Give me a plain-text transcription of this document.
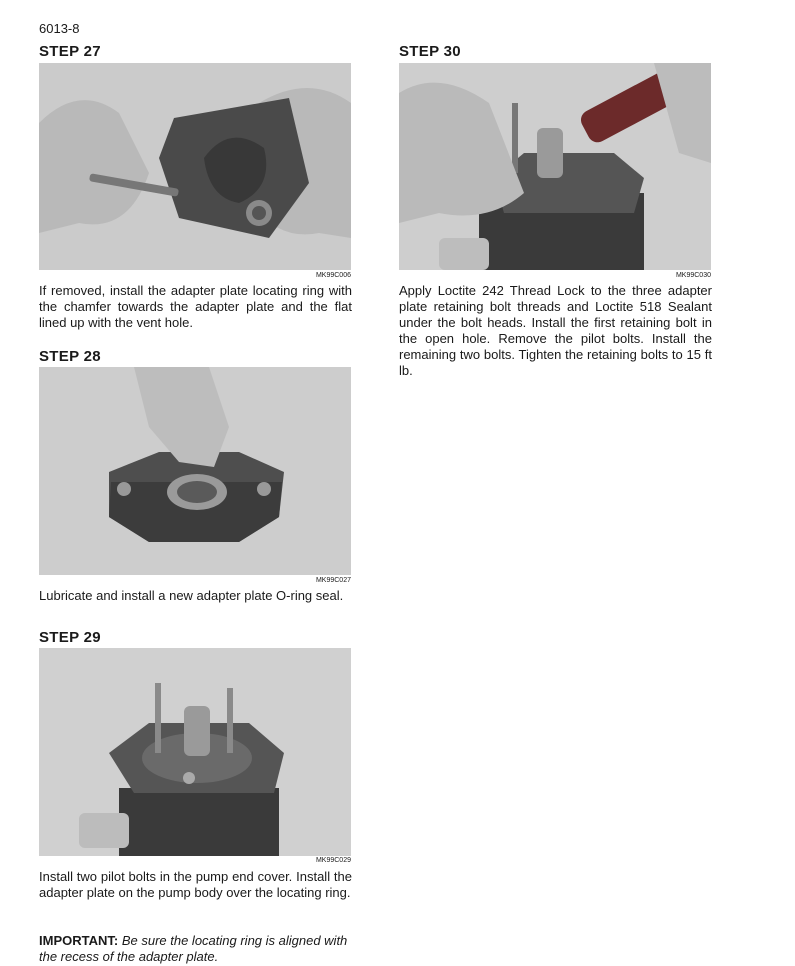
6013-8
STEP 27
MK99C006
If removed, install the adapter plate locating ring with the chamfer towards the adapter plate and the flat lined up with the vent hole.
STEP 28
MK99C027
Lubricate and install a new adapter plate O-ring seal.
STEP 29
MK99C029
Install two pilot bolts in the pump end cover. Install the adapter plate on the pump body over the locating ring.
IMPORTANT: Be sure the locating ring is aligned with the recess of the adapter plate.
STEP 30
MK99C030
Apply Loctite 242 Thread Lock to the three adapter plate retaining bolt threads and Loctite 518 Sealant under the bolt heads. Install the first retaining bolt in the open hole. Remove the pilot bolts. Install the remaining two bolts. Tighten the retaining bolts to 15 ft lb.
